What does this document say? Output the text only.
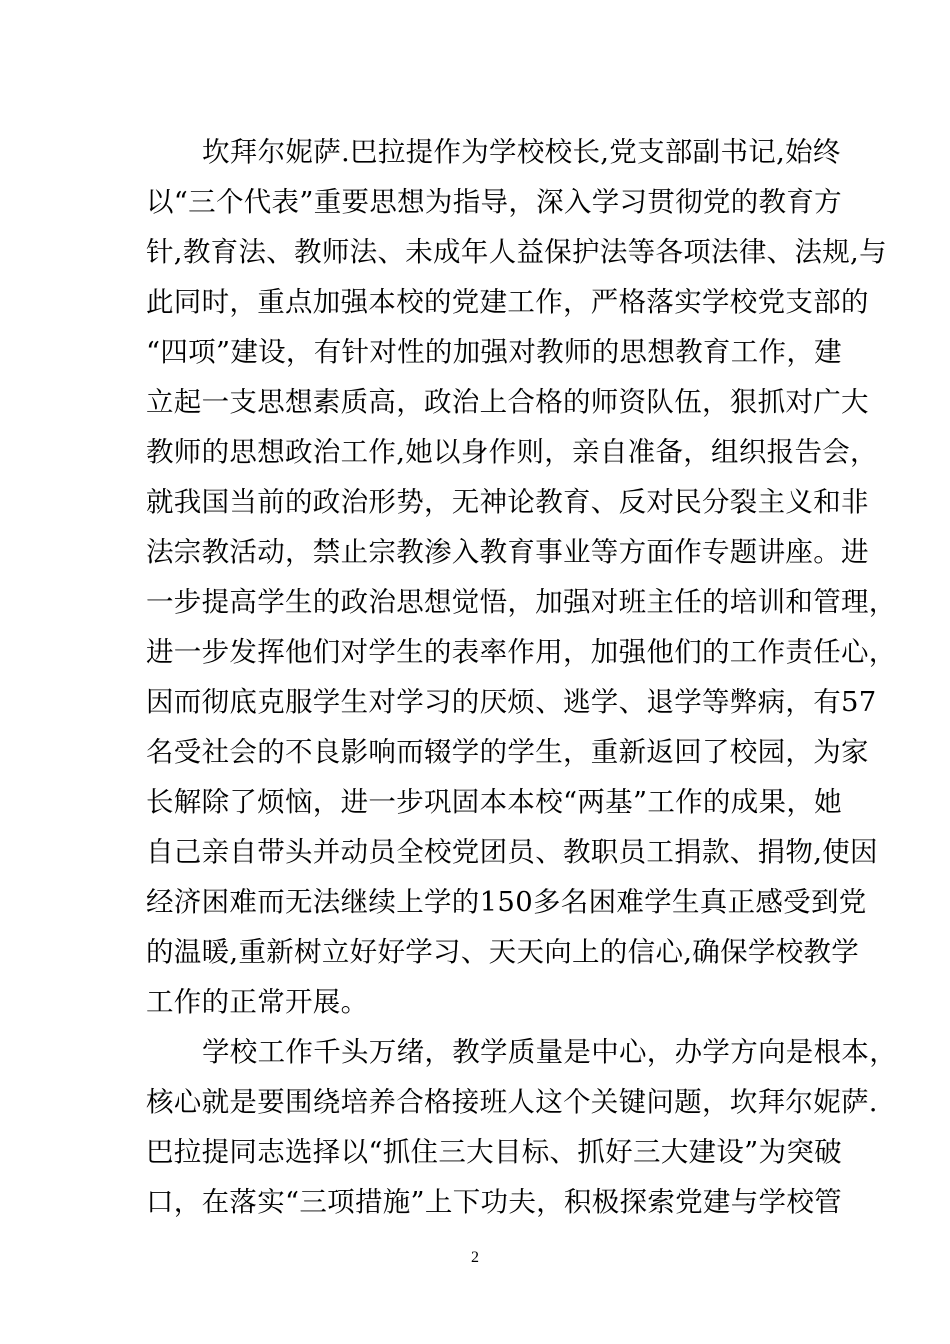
坎拜尔妮萨.巴拉提作为学校校长,党支部副书记,始终
以“三个代表”重要思想为指导，深入学习贯彻党的教育方
针,教育法、教师法、未成年人益保护法等各项法律、法规,与
此同时，重点加强本校的党建工作，严格落实学校党支部的
“四项”建设，有针对性的加强对教师的思想教育工作，建
立起一支思想素质高，政治上合格的师资队伍，狠抓对广大
教师的思想政治工作,她以身作则，亲自准备，组织报告会，
就我国当前的政治形势，无神论教育、反对民分裂主义和非
法宗教活动，禁止宗教渗入教育事业等方面作专题讲座。进
一步提高学生的政治思想觉悟，加强对班主任的培训和管理，
进一步发挥他们对学生的表率作用，加强他们的工作责任心，
因而彻底克服学生对学习的厌烦、逃学、退学等弊病，有57
名受社会的不良影响而辍学的学生，重新返回了校园，为家
长解除了烦恼，进一步巩固本本校“两基”工作的成果，她
自己亲自带头并动员全校党团员、教职员工捐款、捐物,使因
经济困难而无法继续上学的150多名困难学生真正感受到党
的温暖,重新树立好好学习、天天向上的信心,确保学校教学
工作的正常开展。
学校工作千头万绪，教学质量是中心，办学方向是根本，
核心就是要围绕培养合格接班人这个关键问题，坎拜尔妮萨.
巴拉提同志选择以“抓住三大目标、抓好三大建设”为突破
口，在落实“三项措施”上下功夫，积极探索党建与学校管
2
